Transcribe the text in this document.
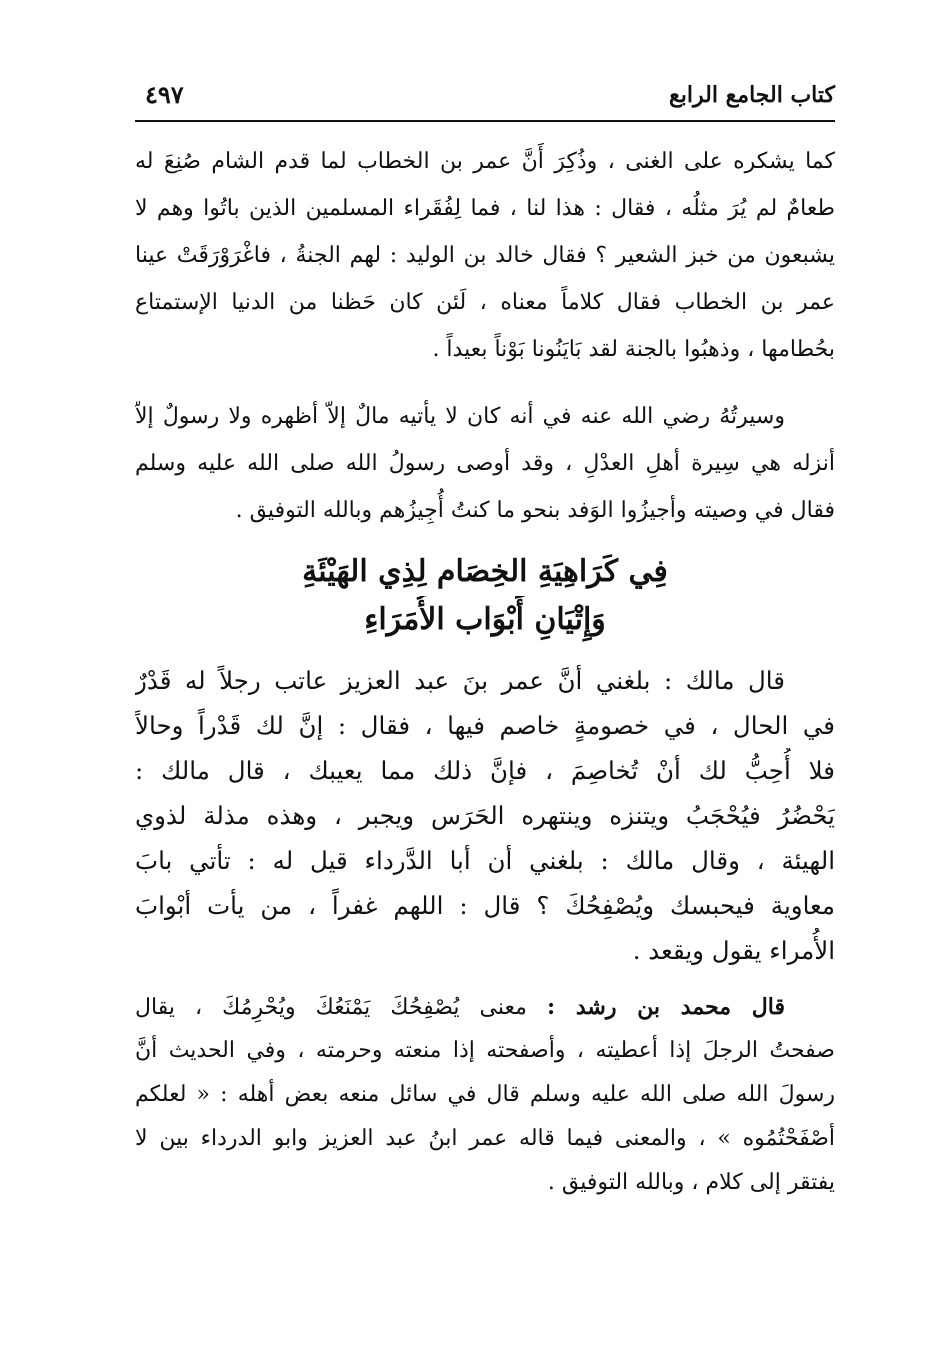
كتاب الجامع الرابع
٤٩٧
كما يشكره على الغنى ، وذُكِرَ أَنَّ عمر بن الخطاب لما قدم الشام صُنِعَ له
طعامٌ لم يُرَ مثلُه ، فقال : هذا لنا ، فما لِفُقَراء المسلمين الذين باتُوا وهم لا
يشبعون من خبز الشعير ؟ فقال خالد بن الوليد : لهم الجنةُ ، فاغْرَوْرَقَتْ عينا
عمر بن الخطاب فقال كلاماً معناه ، لَئن كان حَظنا من الدنيا الإستمتاع
بحُطامها ، وذهبُوا بالجنة لقد بَايَنُونا بَوْناً بعيداً .
وسيرتُهُ رضي الله عنه في أنه كان لا يأتيه مالٌ إلاّ أظهره ولا رسولٌ إلاّ
أنزله هي سِيرة أهلِ العدْلِ ، وقد أوصى رسولُ الله صلى الله عليه وسلم
فقال في وصيته وأجيزُوا الوَفد بنحو ما كنتُ أُجِيزُهم وبالله التوفيق .
فِي كَرَاهِيَةِ الخِصَام لِذِي الهَيْئَةِ
وَإِتْيَانِ أَبْوَاب الأُمَرَاءِ
قال مالك : بلغني أنَّ عمر بنَ عبد العزيز عاتب رجلاً له قَدْرٌ
في الحال ، في خصومةٍ خاصم فيها ، فقال : إنَّ لك قَدْراً وحالاً
فلا أُحِبُّ لك أنْ تُخاصِمَ ، فإنَّ ذلك مما يعيبك ، قال مالك :
يَحْضُرُ فيُحْجَبُ ويتنزه وينتهره الحَرَس ويجبر ، وهذه مذلة لذوي
الهيئة ، وقال مالك : بلغني أن أبا الدَّرداء قيل له : تأتي بابَ
معاوية فيحبسك ويُصْفِحُكَ ؟ قال : اللهم غفراً ، من يأت أبْوابَ
الأُمراء يقول ويقعد .
قال محمد بن رشد : معنى يُصْفِحُكَ يَمْنَعُكَ ويُحْرِمُكَ ، يقال
صفحتُ الرجلَ إذا أعطيته ، وأصفحته إذا منعته وحرمته ، وفي الحديث أنَّ
رسولَ الله صلى الله عليه وسلم قال في سائل منعه بعض أهله : « لعلكم
أصْفَحْتُمُوه » ، والمعنى فيما قاله عمر ابنُ عبد العزيز وابو الدرداء بين لا
يفتقر إلى كلام ، وبالله التوفيق .
